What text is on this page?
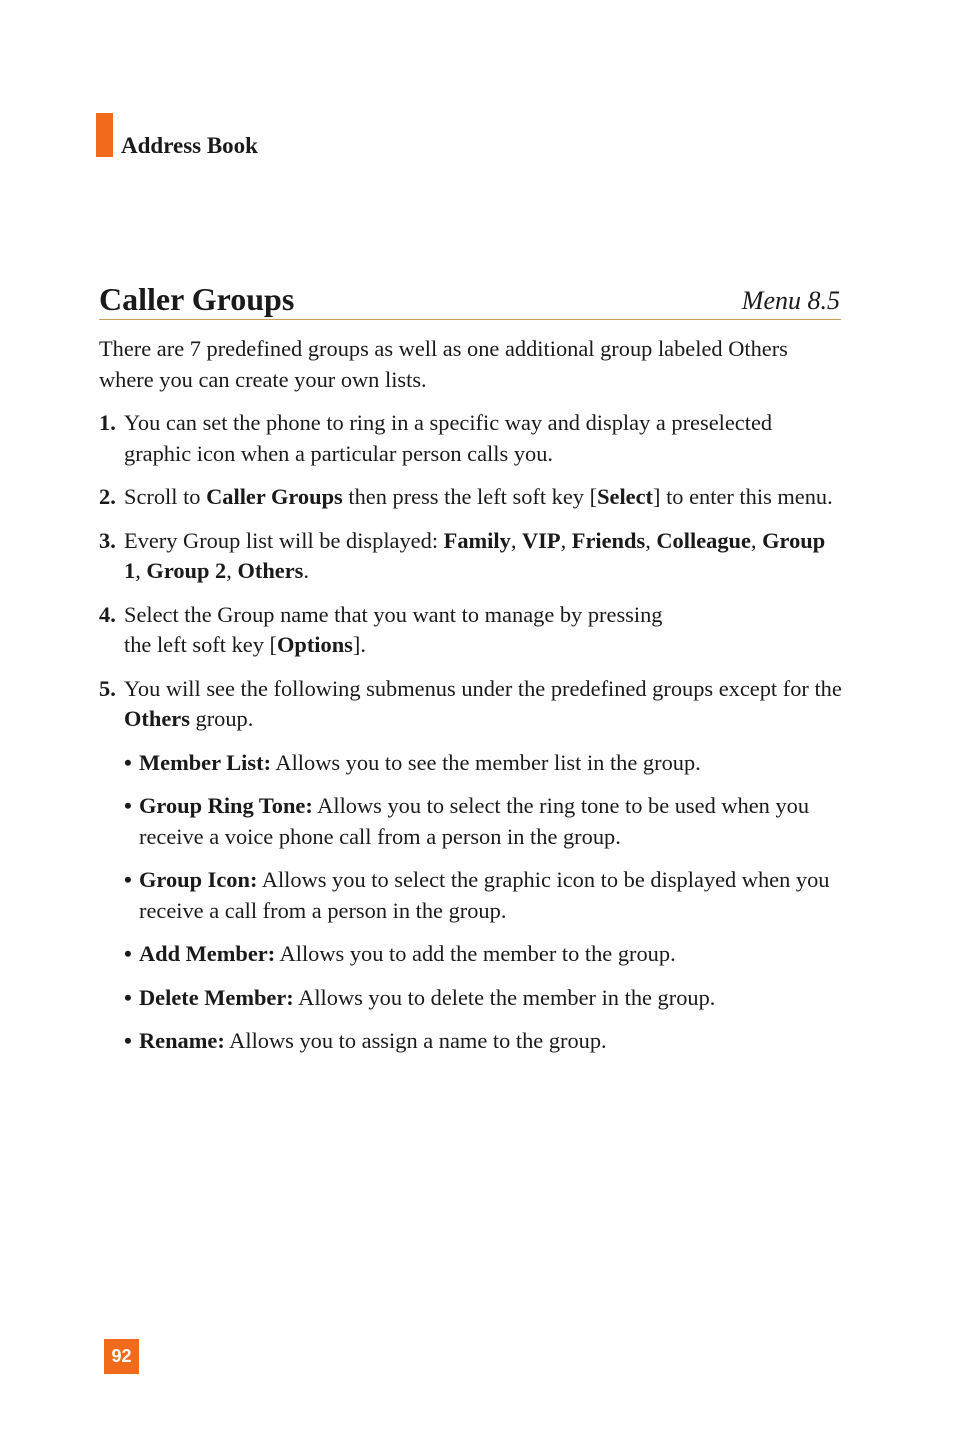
Address Book
Caller Groups	Menu 8.5

There are 7 predefined groups as well as one additional group labeled Others where you can create your own lists.

1. You can set the phone to ring in a specific way and display a preselected graphic icon when a particular person calls you.
2. Scroll to Caller Groups then press the left soft key [Select] to enter this menu.
3. Every Group list will be displayed: Family, VIP, Friends, Colleague, Group 1, Group 2, Others.
4. Select the Group name that you want to manage by pressing
the left soft key [Options].
5. You will see the following submenus under the predefined groups except for the Others group.
• Member List: Allows you to see the member list in the group.
• Group Ring Tone: Allows you to select the ring tone to be used when you receive a voice phone call from a person in the group.
• Group Icon: Allows you to select the graphic icon to be displayed when you receive a call from a person in the group.
• Add Member: Allows you to add the member to the group.
• Delete Member: Allows you to delete the member in the group.
• Rename: Allows you to assign a name to the group.
92
